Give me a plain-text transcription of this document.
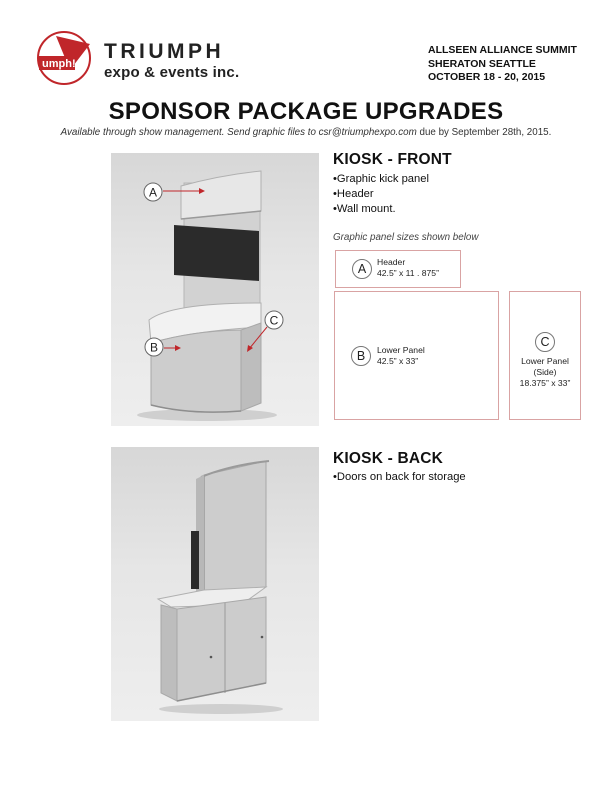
umph!
TRIUMPH
expo & events inc.
ALLSEEN ALLIANCE SUMMIT
SHERATON SEATTLE
OCTOBER 18 - 20, 2015
SPONSOR PACKAGE UPGRADES
Available through show management. Send graphic files to csr@triumphexpo.com due by September 28th, 2015.
A
B
C
KIOSK - FRONT
•Graphic kick panel
•Header
•Wall mount.
Graphic panel sizes shown below
A	Header
42.5” x 11 . 875”
B	Lower Panel
42.5” x 33”
C
Lower Panel
(Side)
18.375” x 33”
KIOSK - BACK
•Doors on back for storage
